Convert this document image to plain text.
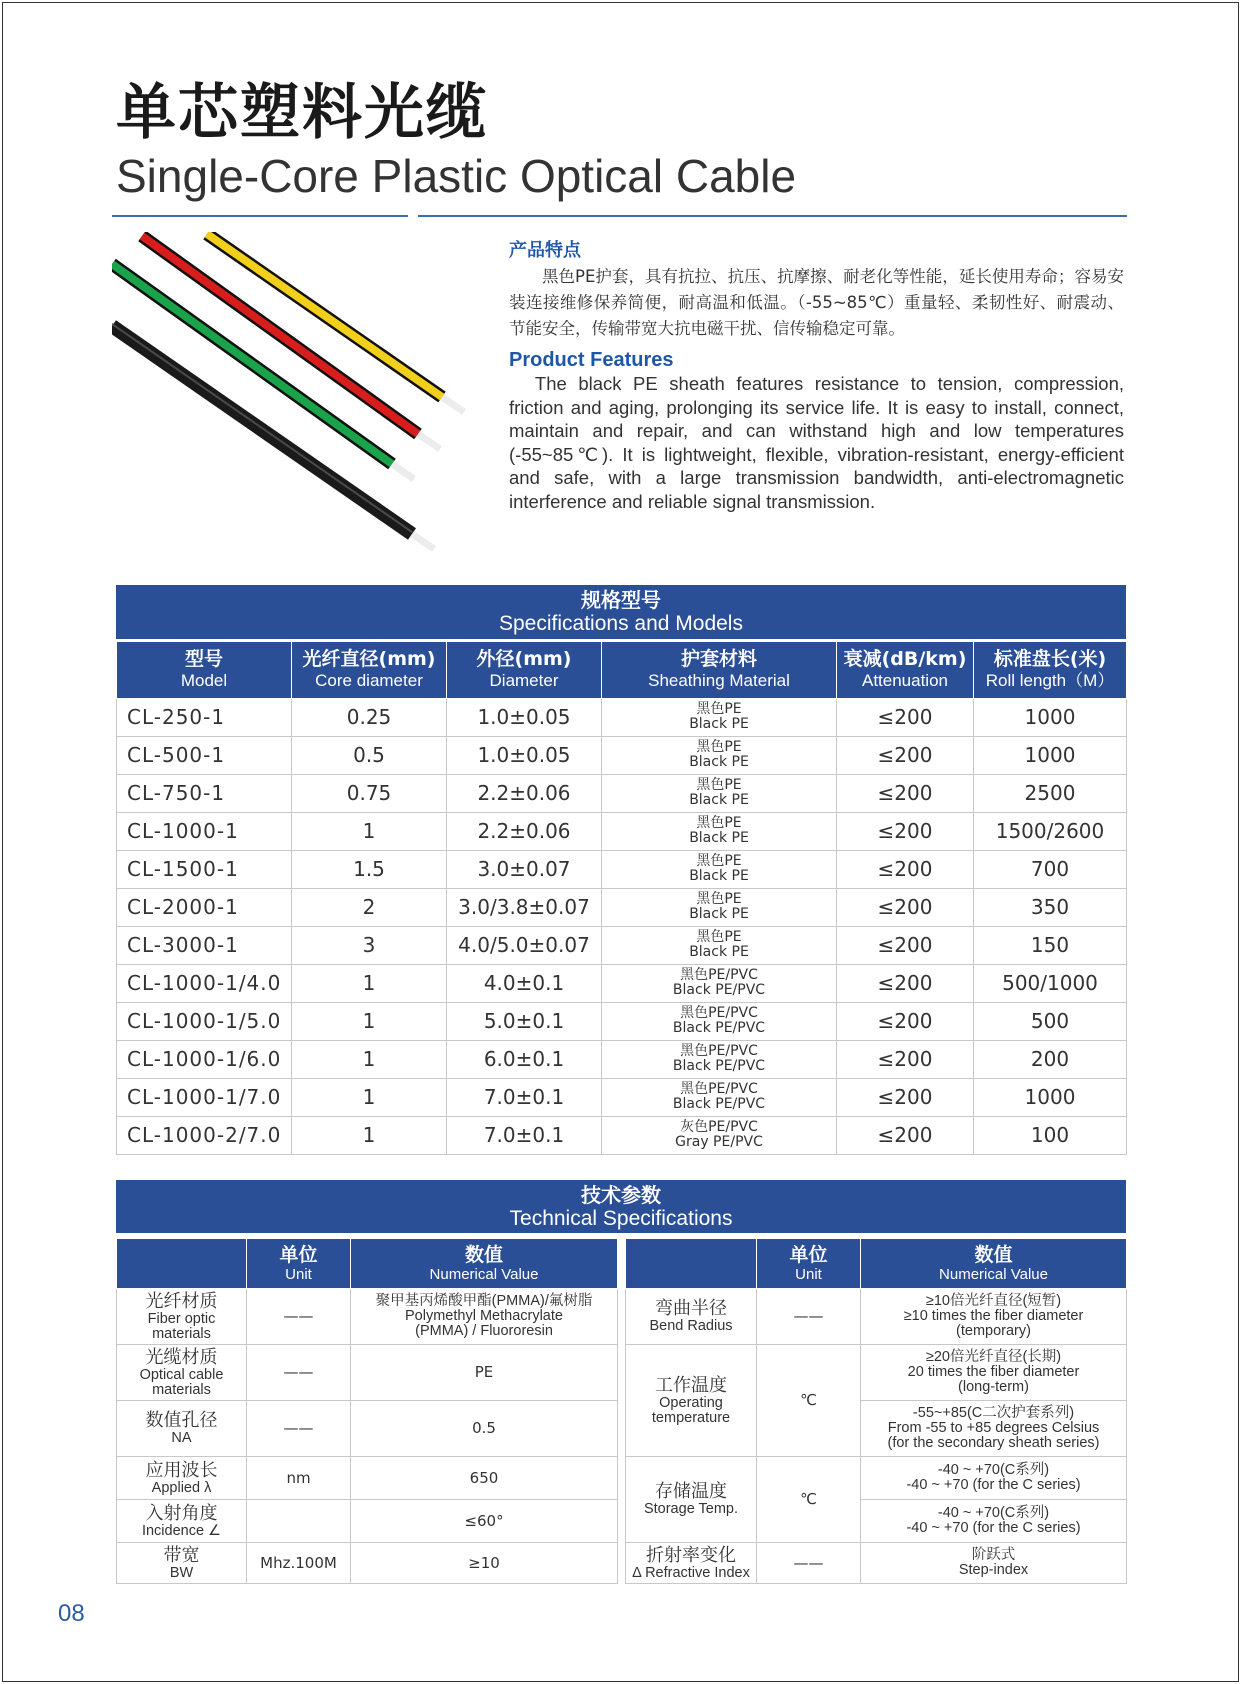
单芯塑料光缆
Single-Core Plastic Optical Cable
产品特点
黑色PE护套，具有抗拉、抗压、抗摩擦、耐老化等性能，延长使用寿命；容易安装连接维修保养简便，耐高温和低温。（-55~85℃）重量轻、柔韧性好、耐震动、节能安全，传输带宽大抗电磁干扰、信传输稳定可靠。
Product Features
The black PE sheath features resistance to tension, compression, friction and aging, prolonging its service life. It is easy to install, connect, maintain and repair, and can withstand high and low temperatures (-55~85℃). It is lightweight, flexible, vibration-resistant, energy-efficient and safe, with a large transmission bandwidth, anti-electromagnetic interference and reliable signal transmission.
规格型号
Specifications and Models
型号
Model	光纤直径(mm)
Core diameter	外径(mm)
Diameter	护套材料
Sheathing Material	衰减(dB/km)
Attenuation	标准盘长(米)
Roll length（M）

CL-250-1	0.25	1.0±0.05	黑色PE
Black PE	≤200	1000
CL-500-1	0.5	1.0±0.05	黑色PE
Black PE	≤200	1000
CL-750-1	0.75	2.2±0.06	黑色PE
Black PE	≤200	2500
CL-1000-1	1	2.2±0.06	黑色PE
Black PE	≤200	1500/2600
CL-1500-1	1.5	3.0±0.07	黑色PE
Black PE	≤200	700
CL-2000-1	2	3.0/3.8±0.07	黑色PE
Black PE	≤200	350
CL-3000-1	3	4.0/5.0±0.07	黑色PE
Black PE	≤200	150
CL-1000-1/4.0	1	4.0±0.1	黑色PE/PVC
Black PE/PVC	≤200	500/1000
CL-1000-1/5.0	1	5.0±0.1	黑色PE/PVC
Black PE/PVC	≤200	500
CL-1000-1/6.0	1	6.0±0.1	黑色PE/PVC
Black PE/PVC	≤200	200
CL-1000-1/7.0	1	7.0±0.1	黑色PE/PVC
Black PE/PVC	≤200	1000
CL-1000-2/7.0	1	7.0±0.1	灰色PE/PVC
Gray PE/PVC	≤200	100
技术参数
Technical Specifications

	单位
Unit	数值
Numerical Value			单位
Unit	数值
Numerical Value

光纤材质
Fiber optic
materials	——	聚甲基丙烯酸甲酯(PMMA)/氟树脂
Polymethyl Methacrylate
(PMMA) / Fluororesin		弯曲半径
Bend Radius	——	≥10倍光纤直径(短暂)
≥10 times the fiber diameter
(temporary)

光缆材质
Optical cable
materials	——	PE		工作温度
Operating
temperature	℃	≥20倍光纤直径(长期)
20 times the fiber diameter
(long-term)

数值孔径
NA	——	0.5				-55~+85(C二次护套系列)
From -55 to +85 degrees Celsius
(for the secondary sheath series)

应用波长
Applied λ	nm	650		存储温度
Storage Temp.	℃	-40 ~ +70(C系列)
-40 ~ +70 (for the C series)

入射角度
Incidence ∠		≤60°				-40 ~ +70(C系列)
-40 ~ +70 (for the C series)

带宽
BW	Mhz.100M	≥10		折射率变化
Δ Refractive Index	——	阶跃式
Step-index
08
